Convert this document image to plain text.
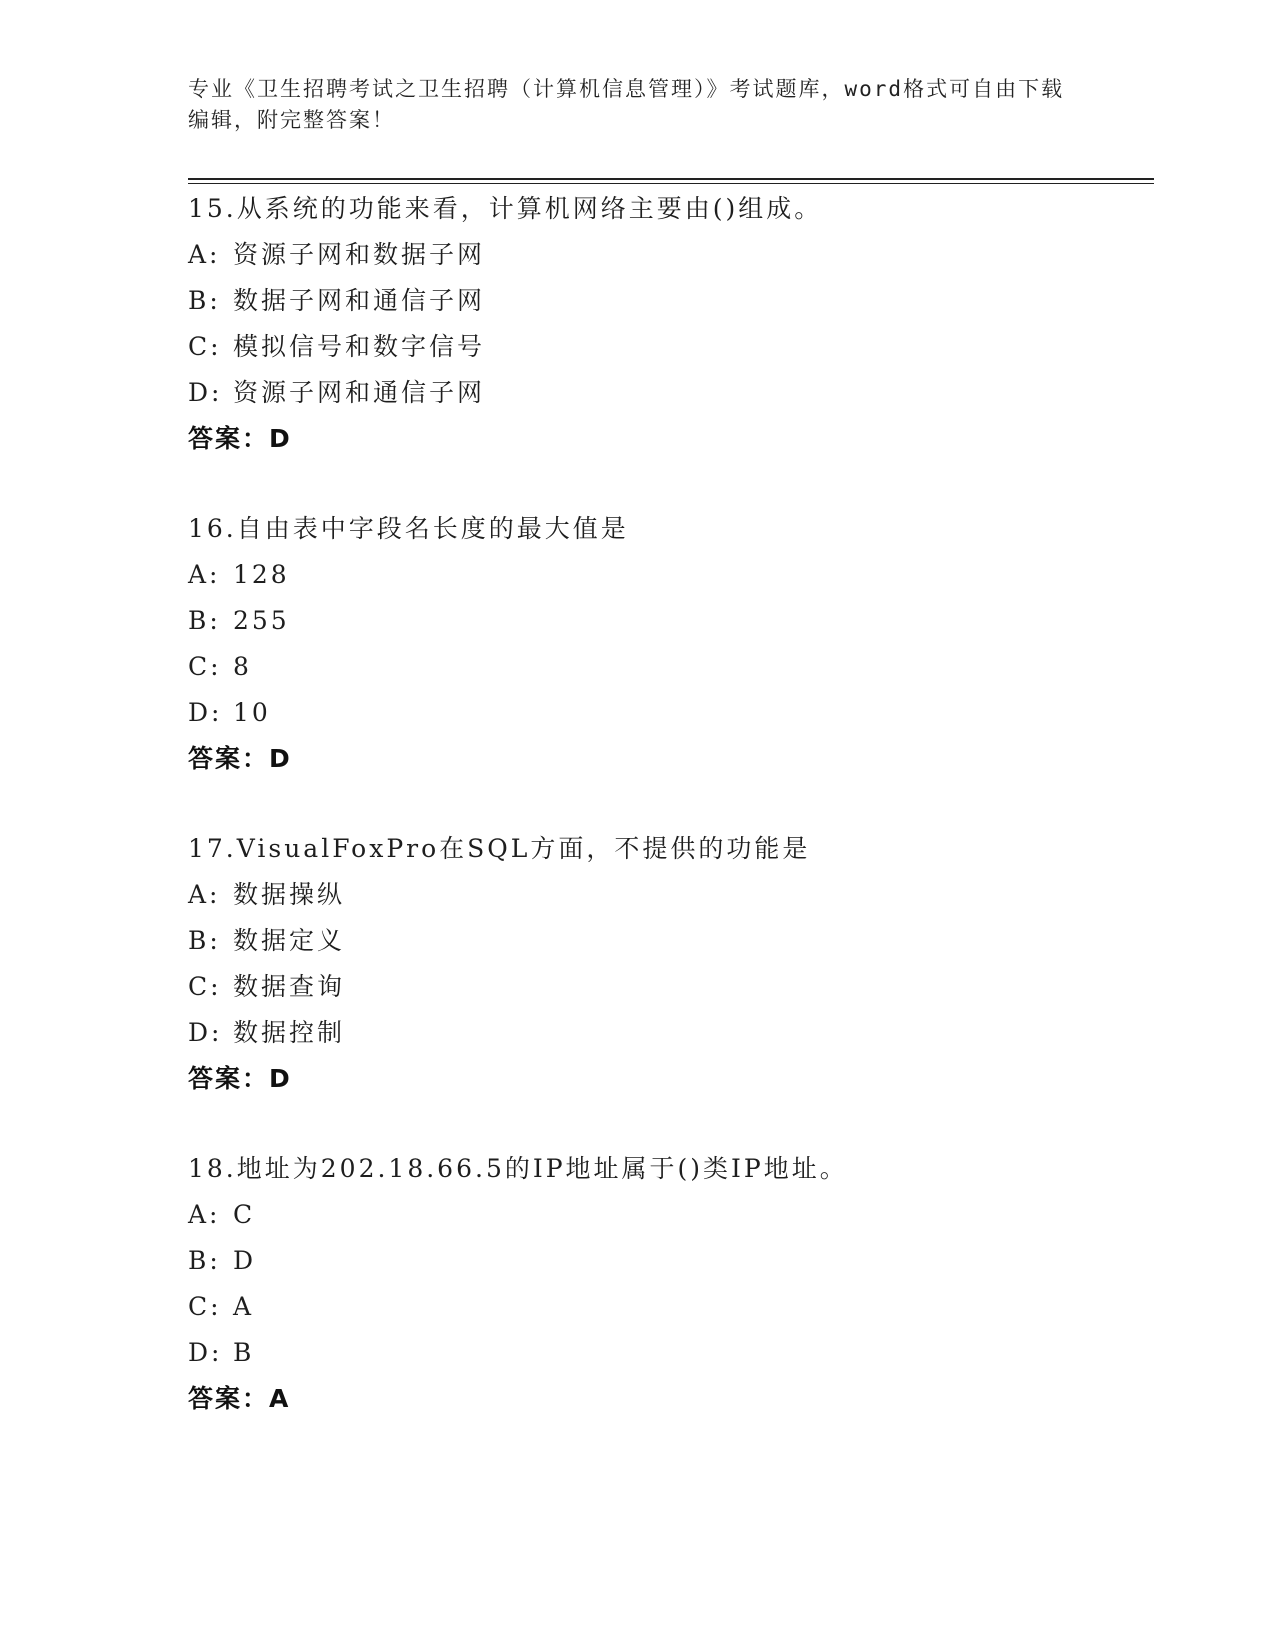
专业《卫生招聘考试之卫生招聘（计算机信息管理）》考试题库，word格式可自由下载编辑，附完整答案！
15.从系统的功能来看，计算机网络主要由()组成。
A: 资源子网和数据子网
B: 数据子网和通信子网
C: 模拟信号和数字信号
D: 资源子网和通信子网
答案：D
16.自由表中字段名长度的最大值是
A: 128
B: 255
C: 8
D: 10
答案：D
17.VisualFoxPro在SQL方面，不提供的功能是
A: 数据操纵
B: 数据定义
C: 数据查询
D: 数据控制
答案：D
18.地址为202.18.66.5的IP地址属于()类IP地址。
A: C
B: D
C: A
D: B
答案：A
